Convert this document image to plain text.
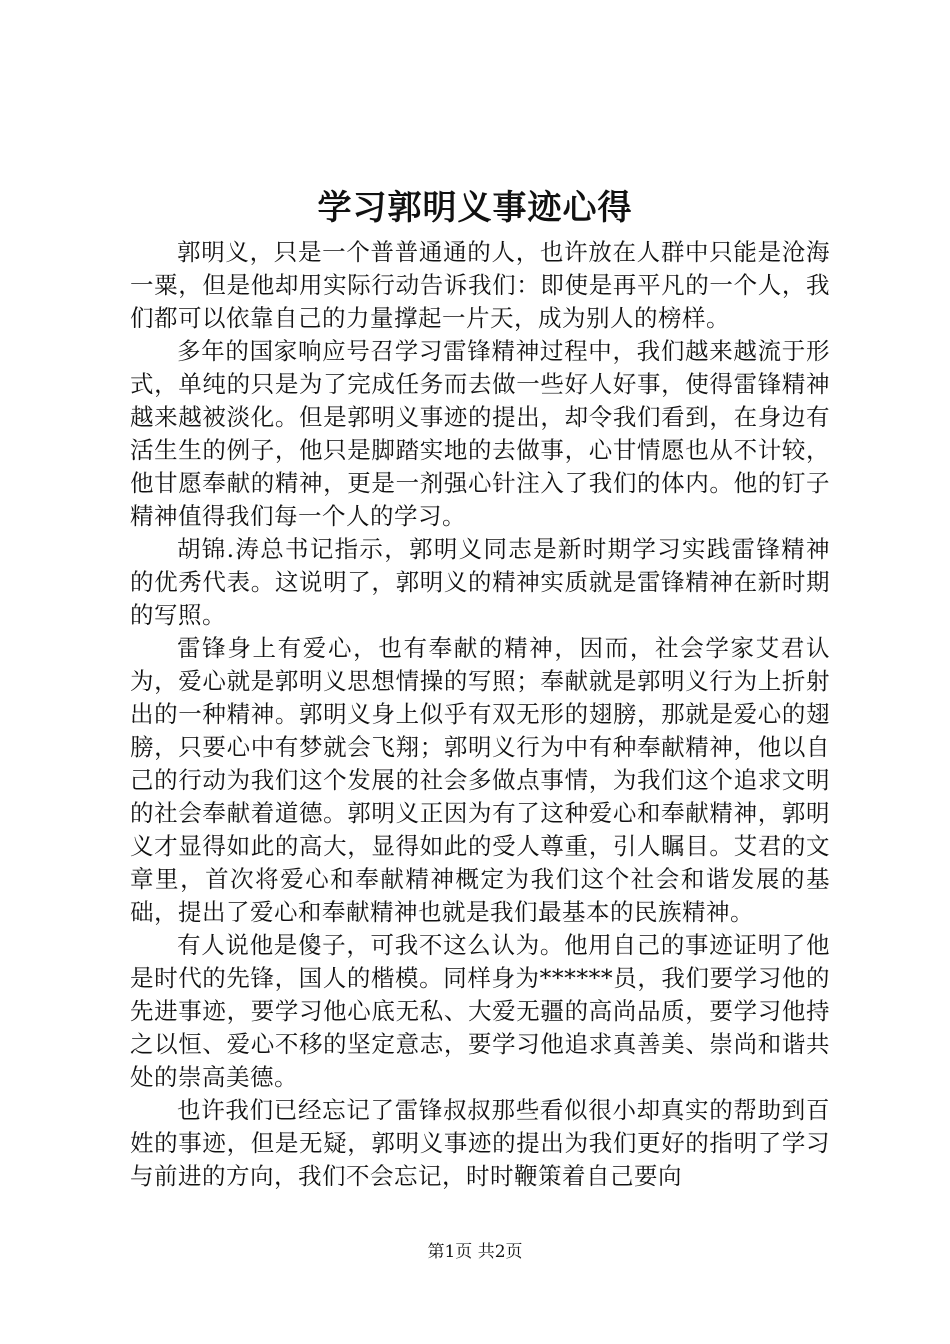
学习郭明义事迹心得

郭明义，只是一个普普通通的人，也许放在人群中只能是沧海一粟，但是他却用实际行动告诉我们：即使是再平凡的一个人，我们都可以依靠自己的力量撑起一片天，成为别人的榜样。

多年的国家响应号召学习雷锋精神过程中，我们越来越流于形式，单纯的只是为了完成任务而去做一些好人好事，使得雷锋精神越来越被淡化。但是郭明义事迹的提出，却令我们看到，在身边有活生生的例子，他只是脚踏实地的去做事，心甘情愿也从不计较，他甘愿奉献的精神，更是一剂强心针注入了我们的体内。他的钉子精神值得我们每一个人的学习。

胡锦.涛总书记指示，郭明义同志是新时期学习实践雷锋精神的优秀代表。这说明了，郭明义的精神实质就是雷锋精神在新时期的写照。

雷锋身上有爱心，也有奉献的精神，因而，社会学家艾君认为，爱心就是郭明义思想情操的写照；奉献就是郭明义行为上折射出的一种精神。郭明义身上似乎有双无形的翅膀，那就是爱心的翅膀，只要心中有梦就会飞翔；郭明义行为中有种奉献精神，他以自己的行动为我们这个发展的社会多做点事情，为我们这个追求文明的社会奉献着道德。郭明义正因为有了这种爱心和奉献精神，郭明义才显得如此的高大，显得如此的受人尊重，引人瞩目。艾君的文章里，首次将爱心和奉献精神概定为我们这个社会和谐发展的基础，提出了爱心和奉献精神也就是我们最基本的民族精神。

有人说他是傻子，可我不这么认为。他用自己的事迹证明了他是时代的先锋，国人的楷模。同样身为******员，我们要学习他的先进事迹，要学习他心底无私、大爱无疆的高尚品质，要学习他持之以恒、爱心不移的坚定意志，要学习他追求真善美、崇尚和谐共处的崇高美德。

也许我们已经忘记了雷锋叔叔那些看似很小却真实的帮助到百姓的事迹，但是无疑，郭明义事迹的提出为我们更好的指明了学习与前进的方向，我们不会忘记，时时鞭策着自己要向

第1页 共2页
